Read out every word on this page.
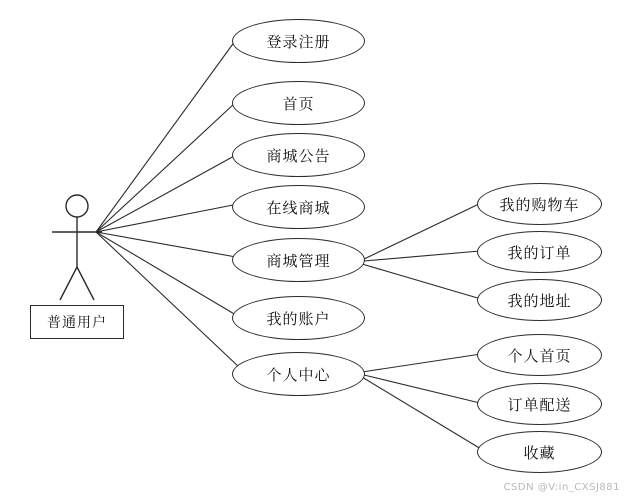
普通用户
登录注册
首页
商城公告
在线商城
商城管理
我的账户
个人中心
我的购物车
我的订单
我的地址
个人首页
订单配送
收藏
CSDN @V:in_CXSJ881
